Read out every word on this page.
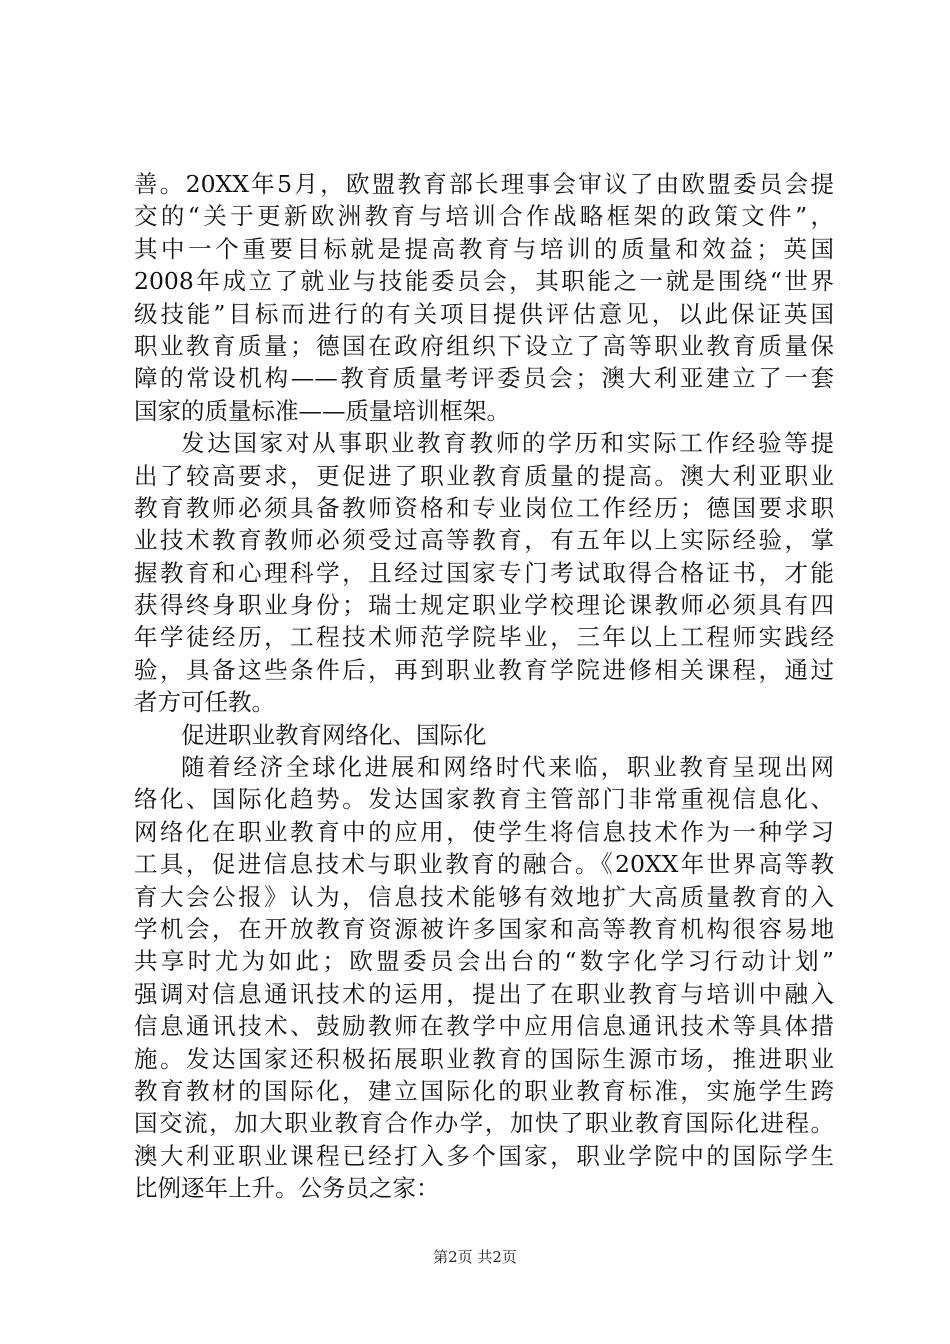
善。20XX年5月，欧盟教育部长理事会审议了由欧盟委员会提
交的“关于更新欧洲教育与培训合作战略框架的政策文件”，
其中一个重要目标就是提高教育与培训的质量和效益；英国
2008年成立了就业与技能委员会，其职能之一就是围绕“世界
级技能”目标而进行的有关项目提供评估意见，以此保证英国
职业教育质量；德国在政府组织下设立了高等职业教育质量保
障的常设机构——教育质量考评委员会；澳大利亚建立了一套
国家的质量标准——质量培训框架。
发达国家对从事职业教育教师的学历和实际工作经验等提
出了较高要求，更促进了职业教育质量的提高。澳大利亚职业
教育教师必须具备教师资格和专业岗位工作经历；德国要求职
业技术教育教师必须受过高等教育，有五年以上实际经验，掌
握教育和心理科学，且经过国家专门考试取得合格证书，才能
获得终身职业身份；瑞士规定职业学校理论课教师必须具有四
年学徒经历，工程技术师范学院毕业，三年以上工程师实践经
验，具备这些条件后，再到职业教育学院进修相关课程，通过
者方可任教。
促进职业教育网络化、国际化
随着经济全球化进展和网络时代来临，职业教育呈现出网
络化、国际化趋势。发达国家教育主管部门非常重视信息化、
网络化在职业教育中的应用，使学生将信息技术作为一种学习
工具，促进信息技术与职业教育的融合。《20XX年世界高等教
育大会公报》认为，信息技术能够有效地扩大高质量教育的入
学机会，在开放教育资源被许多国家和高等教育机构很容易地
共享时尤为如此；欧盟委员会出台的“数字化学习行动计划”
强调对信息通讯技术的运用，提出了在职业教育与培训中融入
信息通讯技术、鼓励教师在教学中应用信息通讯技术等具体措
施。发达国家还积极拓展职业教育的国际生源市场，推进职业
教育教材的国际化，建立国际化的职业教育标准，实施学生跨
国交流，加大职业教育合作办学，加快了职业教育国际化进程。
澳大利亚职业课程已经打入多个国家，职业学院中的国际学生
比例逐年上升。公务员之家：
第2页 共2页
